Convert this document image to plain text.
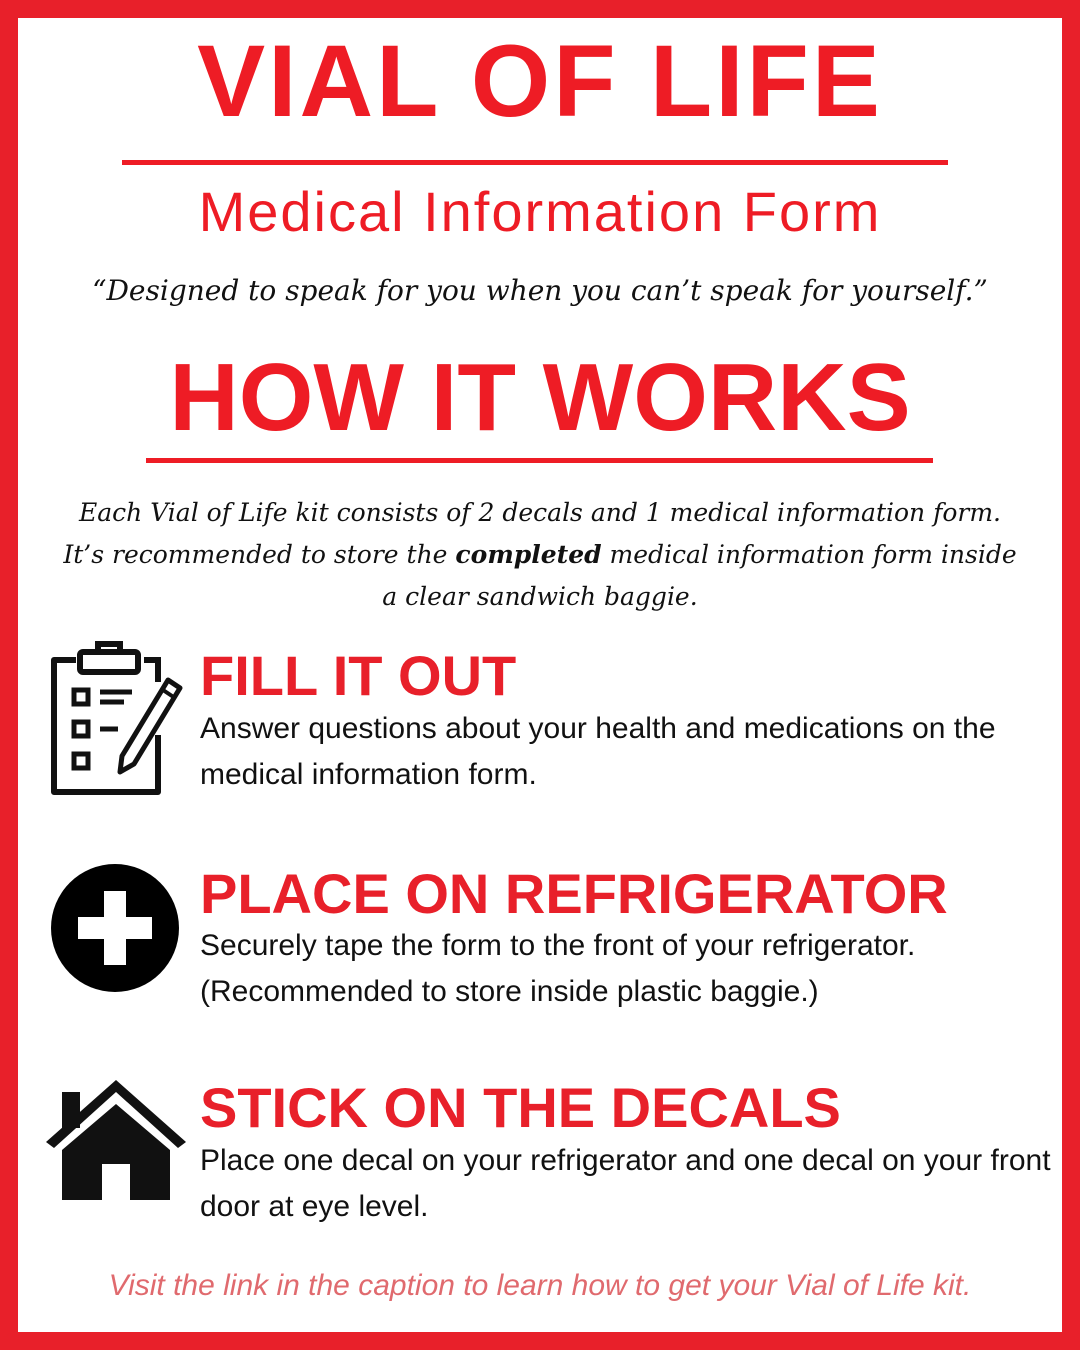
VIAL OF LIFE
Medical Information Form
“Designed to speak for you when you can’t speak for yourself.”
HOW IT WORKS
Each Vial of Life kit consists of 2 decals and 1 medical information form. It’s recommended to store the completed medical information form inside a clear sandwich baggie.
FILL IT OUT
Answer questions about your health and medications on the medical information form.
PLACE ON REFRIGERATOR
Securely tape the form to the front of your refrigerator. (Recommended to store inside plastic baggie.)
STICK ON THE DECALS
Place one decal on your refrigerator and one decal on your front door at eye level.
Visit the link in the caption to learn how to get your Vial of Life kit.
